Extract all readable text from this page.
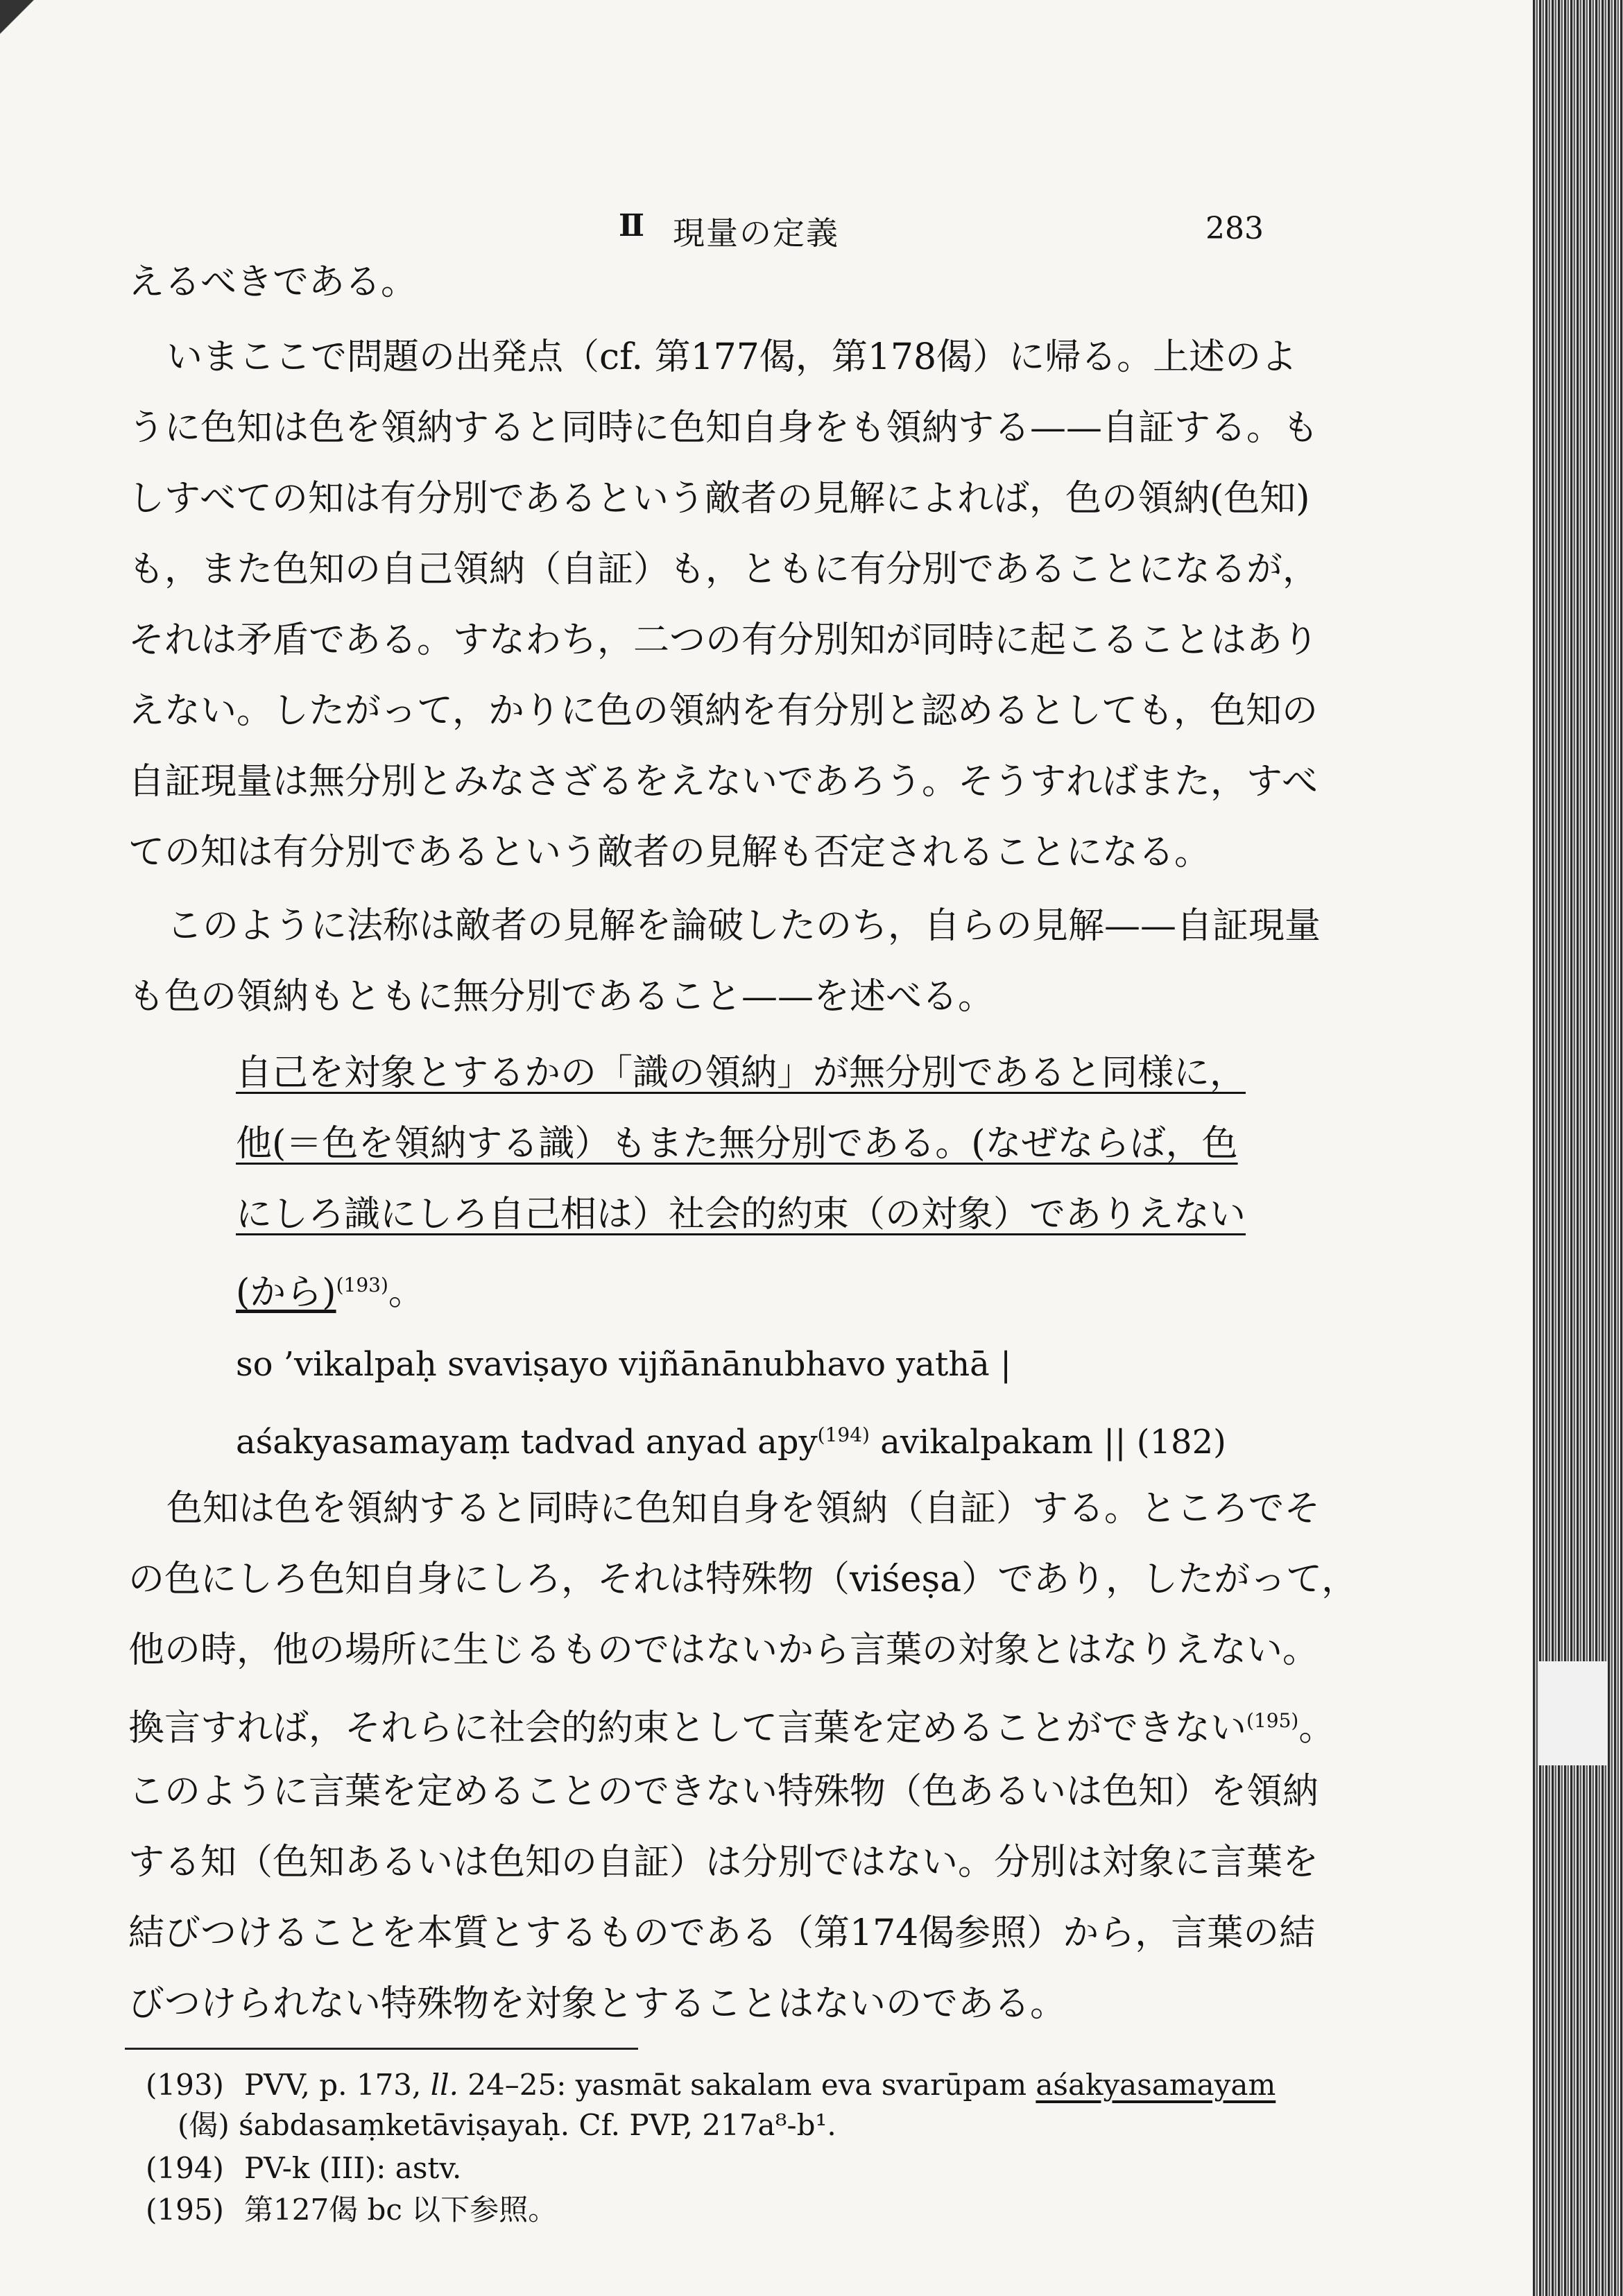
Ⅱ 現量の定義	283
えるべきである。
いまここで問題の出発点（cf. 第177偈，第178偈）に帰る。上述のよ
うに色知は色を領納すると同時に色知自身をも領納する——自証する。も
しすべての知は有分別であるという敵者の見解によれば，色の領納(色知)
も，また色知の自己領納（自証）も，ともに有分別であることになるが，
それは矛盾である。すなわち，二つの有分別知が同時に起こることはあり
えない。したがって，かりに色の領納を有分別と認めるとしても，色知の
自証現量は無分別とみなさざるをえないであろう。そうすればまた，すべ
ての知は有分別であるという敵者の見解も否定されることになる。
このように法称は敵者の見解を論破したのち，自らの見解——自証現量
も色の領納もともに無分別であること——を述べる。
自己を対象とするかの「識の領納」が無分別であると同様に，
他(＝色を領納する識）もまた無分別である。(なぜならば，色
にしろ識にしろ自己相は）社会的約束（の対象）でありえない
(から)$^{(193)}$。
so ’vikalpaḥ svaviṣayo vijñānānubhavo yathā |
aśakyasamayaṃ tadvad anyad apy$^{(194)}$ avikalpakam || (182)
色知は色を領納すると同時に色知自身を領納（自証）する。ところでそ
の色にしろ色知自身にしろ，それは特殊物（viśeṣa）であり，したがって，
他の時，他の場所に生じるものではないから言葉の対象とはなりえない。
換言すれば，それらに社会的約束として言葉を定めることができない$^{(195)}$。
このように言葉を定めることのできない特殊物（色あるいは色知）を領納
する知（色知あるいは色知の自証）は分別ではない。分別は対象に言葉を
結びつけることを本質とするものである（第174偈参照）から，言葉の結
びつけられない特殊物を対象とすることはないのである。
(193) PVV, p. 173, ll. 24–25: yasmāt sakalam eva svarūpam aśakyasamayam
(偈) śabdasaṃketāviṣayaḥ. Cf. PVP, 217a⁸-b¹.
(194) PV-k (III): astv.
(195) 第127偈 bc 以下参照。
